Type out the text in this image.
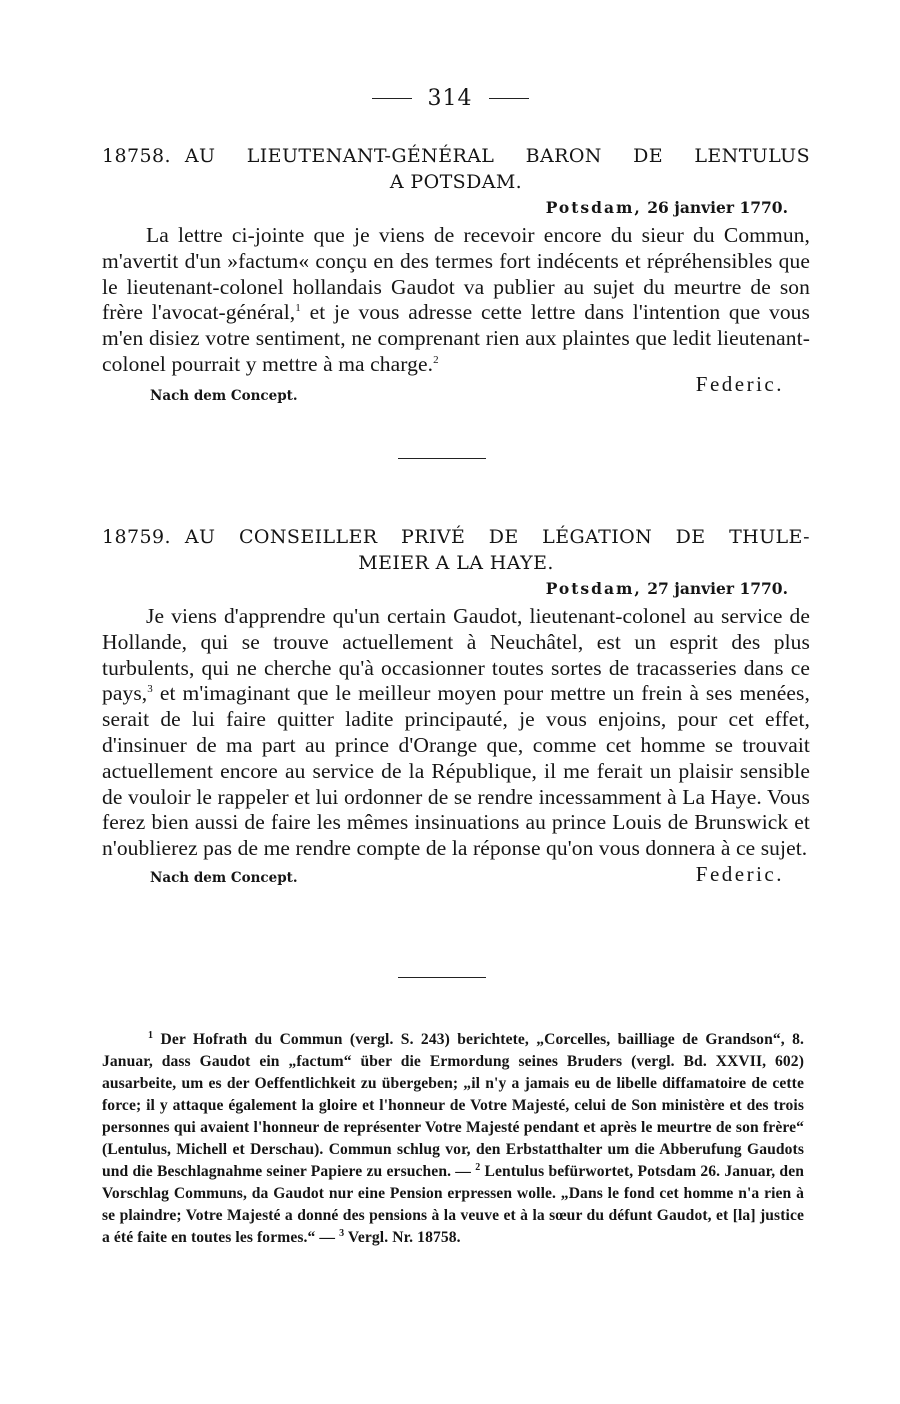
314
18758. AU LIEUTENANT-GÉNÉRAL BARON DE LENTULUS
A POTSDAM.
Potsdam, 26 janvier 1770.

La lettre ci-jointe que je viens de recevoir encore du sieur du Commun, m'avertit d'un »factum« conçu en des termes fort indécents et répréhensibles que le lieutenant-colonel hollandais Gaudot va publier au sujet du meurtre de son frère l'avocat-général,$^1$ et je vous adresse cette lettre dans l'intention que vous m'en disiez votre sentiment, ne comprenant rien aux plaintes que ledit lieutenant-colonel pourrait y mettre à ma charge.$^2$

Nach dem Concept.	Federic.
18759. AU CONSEILLER PRIVÉ DE LÉGATION DE THULE-
MEIER A LA HAYE.
Potsdam, 27 janvier 1770.

Je viens d'apprendre qu'un certain Gaudot, lieutenant-colonel au service de Hollande, qui se trouve actuellement à Neuchâtel, est un esprit des plus turbulents, qui ne cherche qu'à occasionner toutes sortes de tracasseries dans ce pays,$^3$ et m'imaginant que le meilleur moyen pour mettre un frein à ses menées, serait de lui faire quitter ladite principauté, je vous enjoins, pour cet effet, d'insinuer de ma part au prince d'Orange que, comme cet homme se trouvait actuellement encore au service de la République, il me ferait un plaisir sensible de vouloir le rappeler et lui ordonner de se rendre incessamment à La Haye. Vous ferez bien aussi de faire les mêmes insinuations au prince Louis de Brunswick et n'oublierez pas de me rendre compte de la réponse qu'on vous donnera à ce sujet.

Nach dem Concept.	Federic.
$^1$ Der Hofrath du Commun (vergl. S. 243) berichtete, „Corcelles, bailliage de Grandson“, 8. Januar, dass Gaudot ein „factum“ über die Ermordung seines Bruders (vergl. Bd. XXVII, 602) ausarbeite, um es der Oeffentlichkeit zu übergeben; „il n'y a jamais eu de libelle diffamatoire de cette force; il y attaque également la gloire et l'honneur de Votre Majesté, celui de Son ministère et des trois personnes qui avaient l'honneur de représenter Votre Majesté pendant et après le meurtre de son frère“ (Lentulus, Michell et Derschau). Commun schlug vor, den Erbstatthalter um die Abberufung Gaudots und die Beschlagnahme seiner Papiere zu ersuchen. — $^2$ Lentulus befürwortet, Potsdam 26. Januar, den Vorschlag Communs, da Gaudot nur eine Pension erpressen wolle. „Dans le fond cet homme n'a rien à se plaindre; Votre Majesté a donné des pensions à la veuve et à la sœur du défunt Gaudot, et [la] justice a été faite en toutes les formes.“ — $^3$ Vergl. Nr. 18758.
